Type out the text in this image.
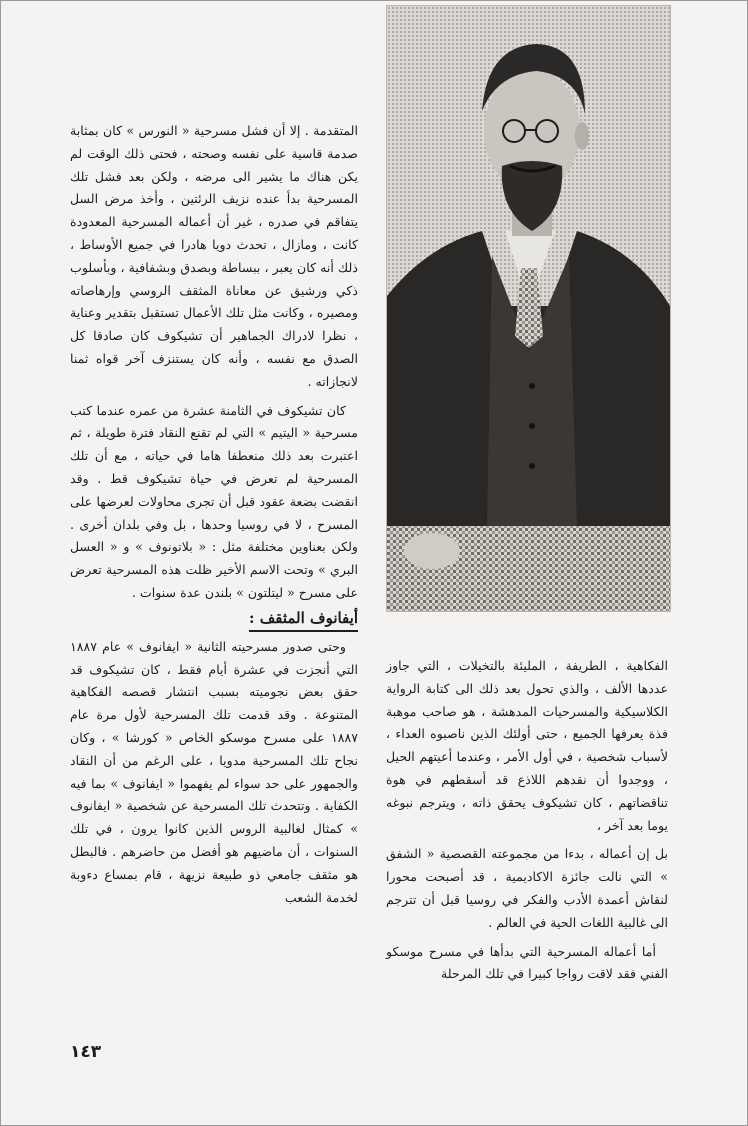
المتقدمة . إلا أن فشل مسرحية « النورس » كان بمثابة صدمة قاسية على نفسه وصحته ، فحتى ذلك الوقت لم يكن هناك ما يشير الى مرضه ، ولكن بعد فشل تلك المسرحية بدأ عنده نزيف الرئتين ، وأخذ مرض السل يتفاقم في صدره ، غير أن أعماله المسرحية المعدودة كانت ، ومازال ، تحدث دويا هادرا في جميع الأوساط ، ذلك أنه كان يعبر ، ببساطة وبصدق وبشفافية ، وبأسلوب ذكي ورشيق عن معاناة المثقف الروسي وإرهاصاته ومصيره ، وكانت مثل تلك الأعمال تستقبل بتقدير وعناية ، نظرا لادراك الجماهير أن تشيكوف كان صادقا كل الصدق مع نفسه ، وأنه كان يستنزف آخر قواه ثمنا لانجازاته .

كان تشيكوف في الثامنة عشرة من عمره عندما كتب مسرحية « اليتيم » التي لم تقنع النقاد فترة طويلة ، ثم اعتبرت بعد ذلك منعطفا هاما في حياته ، مع أن تلك المسرحية لم تعرض في حياة تشيكوف قط . وقد انقضت بضعة عقود قبل أن تجرى محاولات لعرضها على المسرح ، لا في روسيا وحدها ، بل وفي بلدان أخرى . ولكن بعناوين مختلفة مثل : « بلاتونوف » و « العسل البري » وتحت الاسم الأخير ظلت هذه المسرحية تعرض على مسرح « ليتلتون » بلندن عدة سنوات .

أيفانوف المثقف :

وحتى صدور مسرحيته الثانية « ايفانوف » عام ١٨٨٧ التي أنجزت في عشرة أيام فقط ، كان تشيكوف قد حقق بعض نجوميته بسبب انتشار قصصه الفكاهية المتنوعة . وقد قدمت تلك المسرحية لأول مرة عام ١٨٨٧ على مسرح موسكو الخاص « كورشا » ، وكان نجاح تلك المسرحية مدويا ، على الرغم من أن النقاد والجمهور على حد سواء لم يفهموا « ايفانوف » بما فيه الكفاية . وتتحدث تلك المسرحية عن شخصية « ايفانوف » كمثال لغالبية الروس الذين كانوا يرون ، في تلك السنوات ، أن ماضيهم هو أفضل من حاضرهم . فالبطل هو مثقف جامعي ذو طبيعة نزيهة ، قام بمساع دءوبة لخدمة الشعب

الفكاهية ، الطريفة ، المليئة بالتخيلات ، التي جاوز عددها الألف ، والذي تحول بعد ذلك الى كتابة الرواية الكلاسيكية والمسرحيات المدهشة ، هو صاحب موهبة فذة يعرفها الجميع ، حتى أولئك الذين ناصبوه العداء ، لأسباب شخصية ، في أول الأمر ، وعندما أعيتهم الحيل ، ووجدوا أن نقدهم اللاذع قد أسقطهم في هوة تناقضاتهم ، كان تشيكوف يحقق ذاته ، ويترجم نبوغه يوما بعد آخر ،

بل إن أعماله ، بدءا من مجموعته القصصية « الشفق » التي نالت جائزة الاكاديمية ، قد أصبحت محورا لنقاش أعمدة الأدب والفكر في روسيا قبل أن تترجم الى غالبية اللغات الحية في العالم .

أما أعماله المسرحية التي بدأها في مسرح موسكو الفني فقد لاقت رواجا كبيرا في تلك المرحلة

١٤٣
